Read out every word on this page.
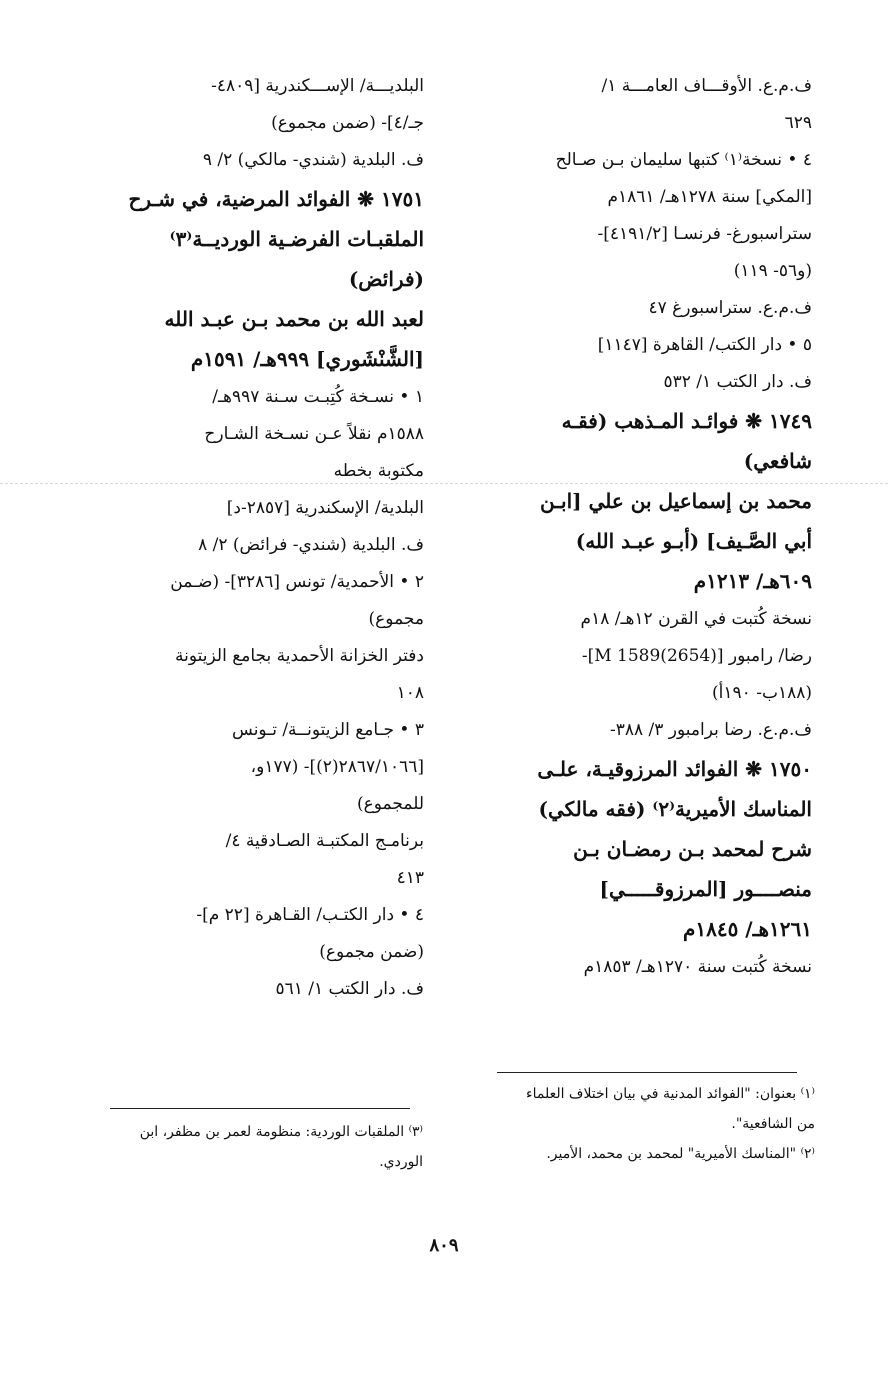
ف.م.ع. الأوقـــاف العامـــة ١/
٦٢٩
٤ • نسخة⁽١⁾ كتبها سليمان بـن صـالح
[المكي] سنة ١٢٧٨هـ/ ١٨٦١م
ستراسبورغ- فرنسـا [٤١٩١/٢]-
(و٥٦- ١١٩)
ف.م.ع. ستراسبورغ ٤٧
٥ • دار الكتب/ القاهرة [١١٤٧]
ف. دار الكتب ١/ ٥٣٢
١٧٤٩ ❋ فوائـد المـذهب (فقـه
شافعي)
محمد بن إسماعيل بن علي [ابـن
أبي الصَّـيف] (أبـو عبـد الله)
٦٠٩هـ/ ١٢١٣م
نسخة كُتبت في القرن ١٢هـ/ ١٨م
رضا/ رامبور [M 1589(2654)]-
(١٨٨ب- ١٩٠أ)
ف.م.ع. رضا برامبور ٣/ ٣٨٨-
١٧٥٠ ❋ الفوائد المرزوقيـة، علـى
المناسك الأميرية⁽٢⁾ (فقه مالكي)
شرح لمحمد بـن رمضـان بـن
منصــــور [المرزوقـــــي]
١٢٦١هـ/ ١٨٤٥م
نسخة كُتبت سنة ١٢٧٠هـ/ ١٨٥٣م
البلديـــة/ الإســـكندرية [٤٨٠٩-
جـ/٤]- (ضمن مجموع)
ف. البلدية (شندي- مالكي) ٢/ ٩
١٧٥١ ❋ الفوائد المرضية، في شـرح
الملقبـات الفرضـية الورديــة⁽٣⁾
(فرائض)
لعبد الله بن محمد بـن عبـد الله
[الشَّنْشَوري] ٩٩٩هـ/ ١٥٩١م
١ • نسـخة كُتِبـت سـنة ٩٩٧هـ/
١٥٨٨م نقلاً عـن نسـخة الشـارح
مكتوبة بخطه
البلدية/ الإسكندرية [٢٨٥٧-د]
ف. البلدية (شندي- فرائض) ٢/ ٨
٢ • الأحمدية/ تونس [٣٢٨٦]- (ضـمن
مجموع)
دفتر الخزانة الأحمدية بجامع الزيتونة
١٠٨
٣ • جـامع الزيتونــة/ تـونس
[٢٨٦٧/١٠٦٦(٢)]- (١٧٧و،
للمجموع)
برنامـج المكتبـة الصـادقية ٤/
٤١٣
٤ • دار الكتـب/ القـاهرة [٢٢ م]-
(ضمن مجموع)
ف. دار الكتب ١/ ٥٦١
⁽١⁾ بعنوان: "الفوائد المدنية في بيان اختلاف العلماء
من الشافعية".
⁽٢⁾ "المناسك الأميرية" لمحمد بن محمد، الأمير.
⁽٣⁾ الملقبات الوردية: منظومة لعمر بن مظفر، ابن
الوردي.
٨٠٩
